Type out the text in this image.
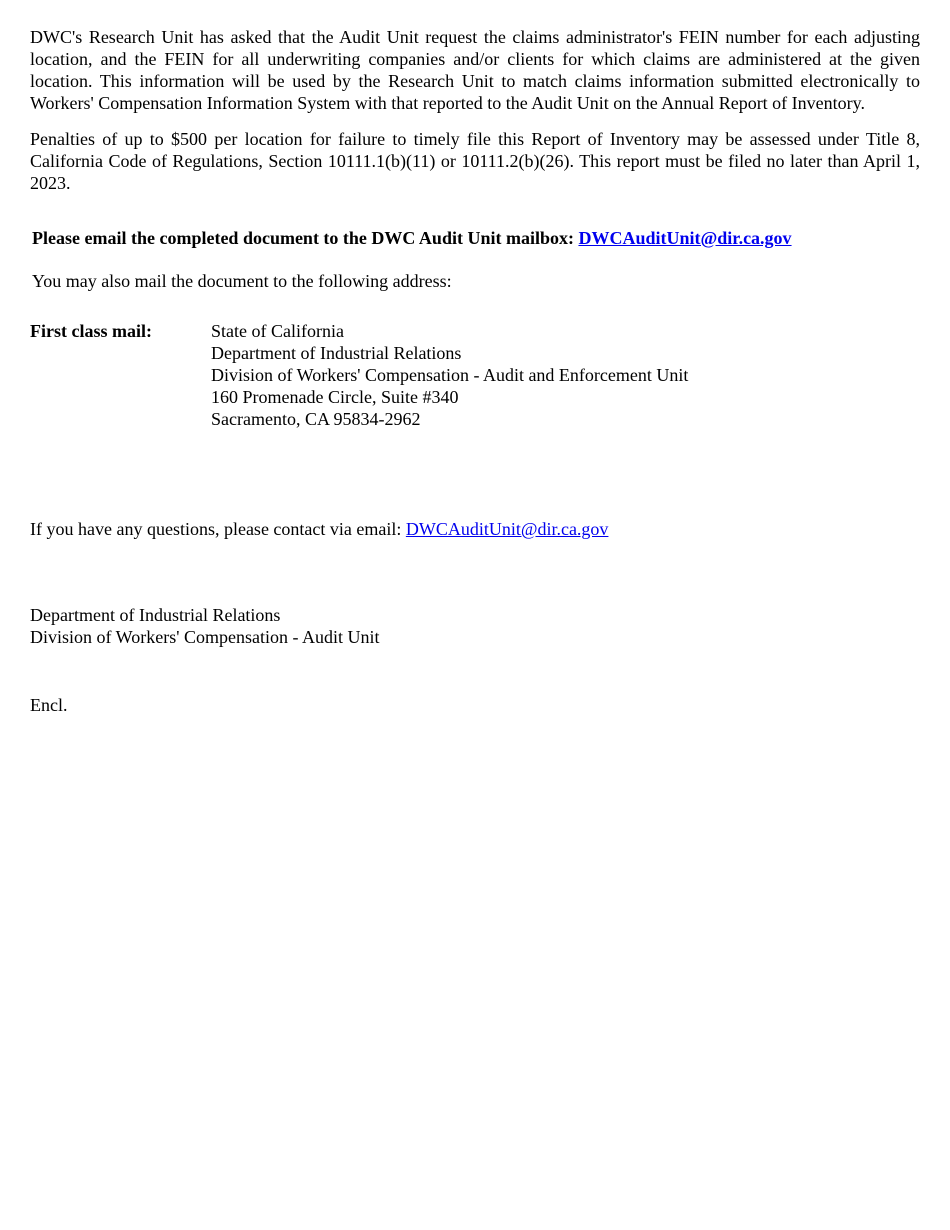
DWC's Research Unit has asked that the Audit Unit request the claims administrator's FEIN number for each adjusting location, and the FEIN for all underwriting companies and/or clients for which claims are administered at the given location. This information will be used by the Research Unit to match claims information submitted electronically to Workers' Compensation Information System with that reported to the Audit Unit on the Annual Report of Inventory.

Penalties of up to $500 per location for failure to timely file this Report of Inventory may be assessed under Title 8, California Code of Regulations, Section 10111.1(b)(11) or 10111.2(b)(26). This report must be filed no later than April 1, 2023.

Please email the completed document to the DWC Audit Unit mailbox: DWCAuditUnit@dir.ca.gov

You may also mail the document to the following address:

First class mail:	State of California
Department of Industrial Relations
Division of Workers' Compensation - Audit and Enforcement Unit
160 Promenade Circle, Suite #340
Sacramento, CA 95834-2962

If you have any questions, please contact via email: DWCAuditUnit@dir.ca.gov

Department of Industrial Relations
Division of Workers' Compensation - Audit Unit

Encl.
